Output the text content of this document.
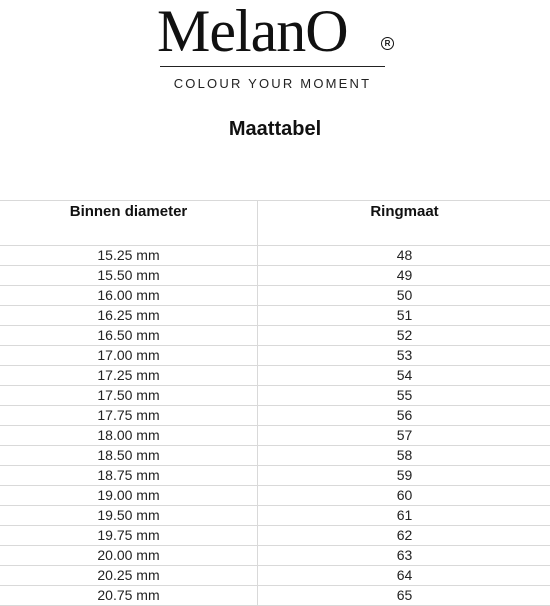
MelanO	R
COLOUR YOUR MOMENT
Maattabel
Binnen diameter	Ringmaat
15.25 mm	48
15.50 mm	49
16.00 mm	50
16.25 mm	51
16.50 mm	52
17.00 mm	53
17.25 mm	54
17.50 mm	55
17.75 mm	56
18.00 mm	57
18.50 mm	58
18.75 mm	59
19.00 mm	60
19.50 mm	61
19.75 mm	62
20.00 mm	63
20.25 mm	64
20.75 mm	65
